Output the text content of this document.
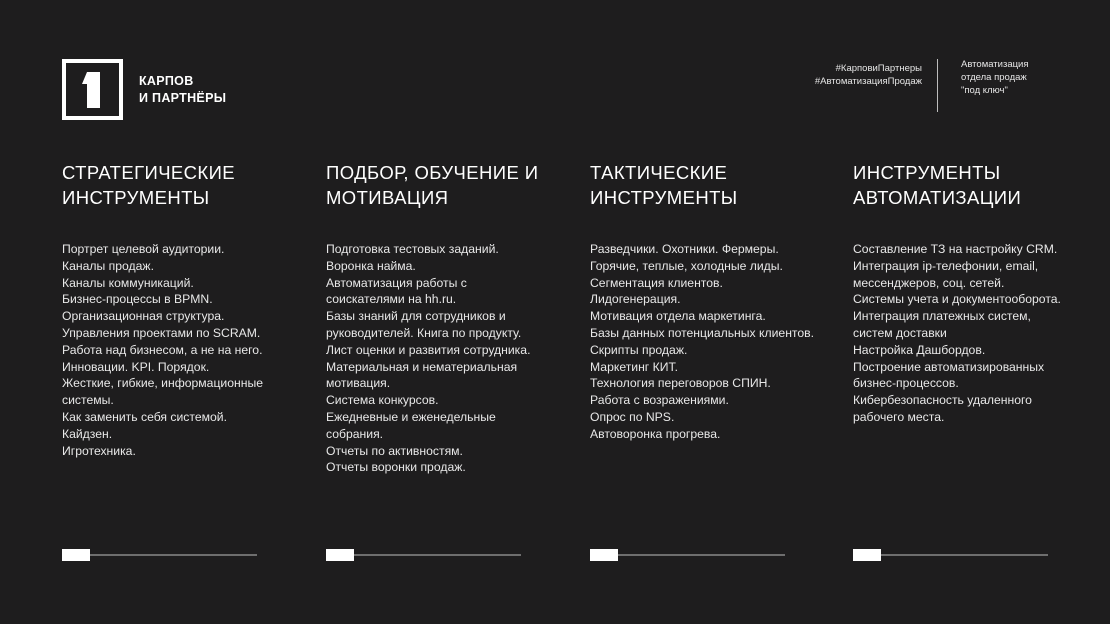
КАРПОВ
И ПАРТНЁРЫ
#КарповиПартнеры
#АвтоматизацияПродаж
Автоматизация
отдела продаж
"под ключ"
СТРАТЕГИЧЕСКИЕ
ИНСТРУМЕНТЫ
Портрет целевой аудитории.
Каналы продаж.
Каналы коммуникаций.
Бизнес-процессы в BPMN.
Организационная структура.
Управления проектами по SCRAM.
Работа над бизнесом, а не на него.
Инновации. KPI. Порядок.
Жесткие, гибкие, информационные
системы.
Как заменить себя системой.
Кайдзен.
Игротехника.
ПОДБОР, ОБУЧЕНИЕ И
МОТИВАЦИЯ
Подготовка тестовых заданий.
Воронка найма.
Автоматизация работы с
соискателями на hh.ru.
Базы знаний для сотрудников и
руководителей. Книга по продукту.
Лист оценки и развития сотрудника.
Материальная и нематериальная
мотивация.
Система конкурсов.
Ежедневные и еженедельные
собрания.
Отчеты по активностям.
Отчеты воронки продаж.
ТАКТИЧЕСКИЕ
ИНСТРУМЕНТЫ
Разведчики. Охотники. Фермеры.
Горячие, теплые, холодные лиды.
Сегментация клиентов.
Лидогенерация.
Мотивация отдела маркетинга.
Базы данных потенциальных клиентов.
Скрипты продаж.
Маркетинг КИТ.
Технология переговоров СПИН.
Работа с возражениями.
Опрос по NPS.
Автоворонка прогрева.
ИНСТРУМЕНТЫ
АВТОМАТИЗАЦИИ
Составление ТЗ на настройку CRM.
Интеграция ip-телефонии, email,
мессенджеров, соц. сетей.
Системы учета и документооборота.
Интеграция платежных систем,
систем доставки
Настройка Дашбордов.
Построение автоматизированных
бизнес-процессов.
Кибербезопасность удаленного
рабочего места.
